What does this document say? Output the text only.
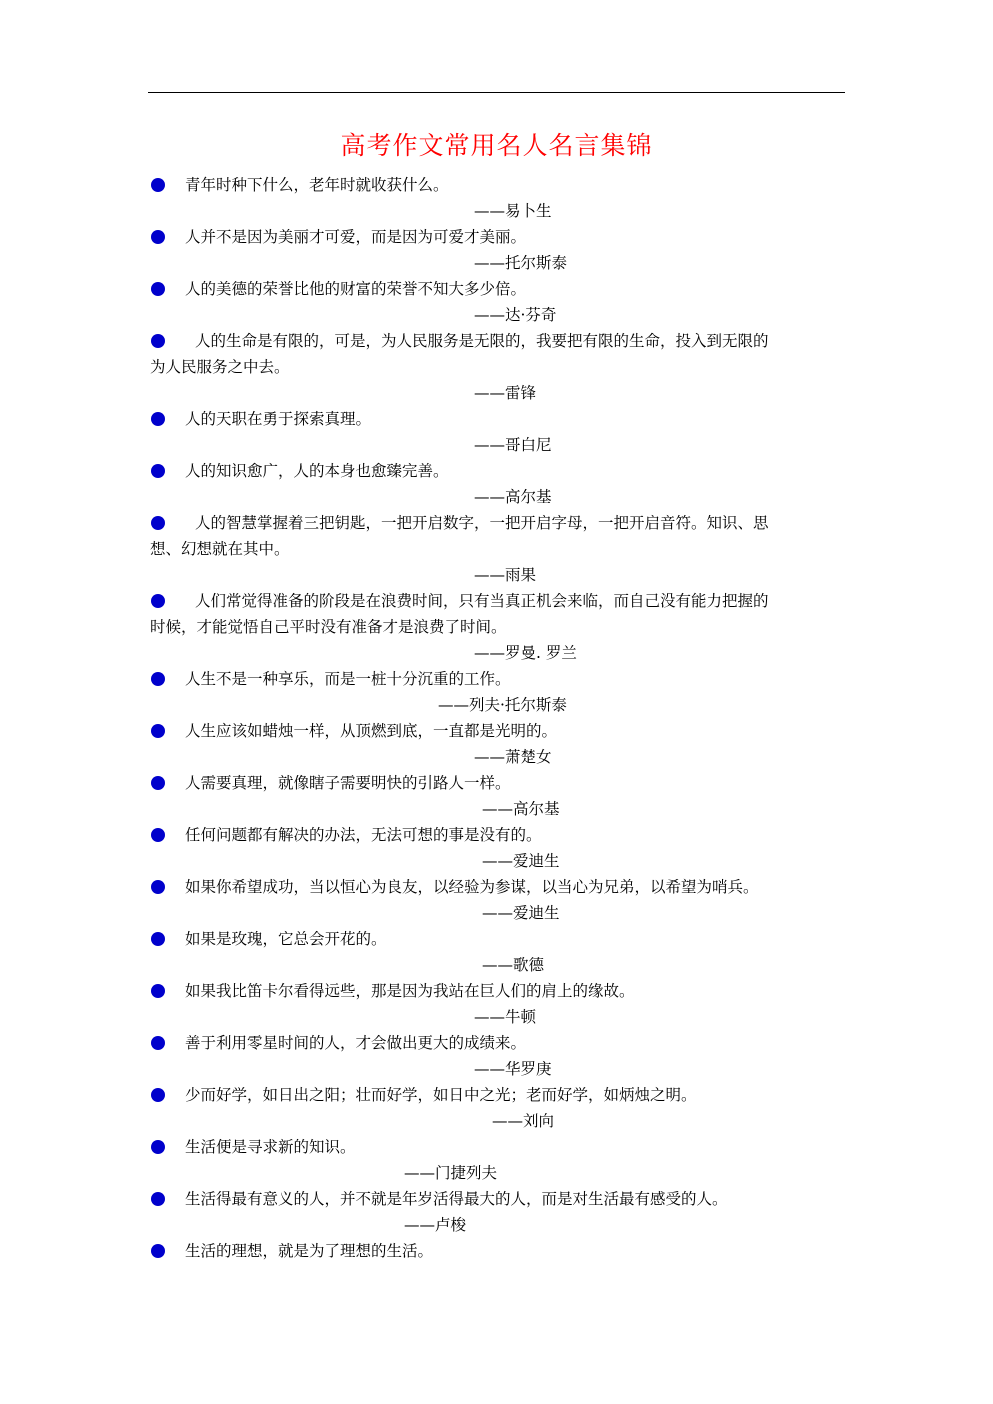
高考作文常用名人名言集锦
青年时种下什么，老年时就收获什么。
——易卜生
人并不是因为美丽才可爱，而是因为可爱才美丽。
——托尔斯泰
人的美德的荣誉比他的财富的荣誉不知大多少倍。
——达·芬奇
人的生命是有限的，可是，为人民服务是无限的，我要把有限的生命，投入到无限的
为人民服务之中去。
——雷锋
人的天职在勇于探索真理。
——哥白尼
人的知识愈广，人的本身也愈臻完善。
——高尔基
人的智慧掌握着三把钥匙，一把开启数字，一把开启字母，一把开启音符。知识、思
想、幻想就在其中。
——雨果
人们常觉得准备的阶段是在浪费时间，只有当真正机会来临，而自己没有能力把握的
时候，才能觉悟自己平时没有准备才是浪费了时间。
——罗曼. 罗兰
人生不是一种享乐，而是一桩十分沉重的工作。
——列夫·托尔斯泰
人生应该如蜡烛一样，从顶燃到底，一直都是光明的。
——萧楚女
人需要真理，就像瞎子需要明快的引路人一样。
——高尔基
任何问题都有解决的办法，无法可想的事是没有的。
——爱迪生
如果你希望成功，当以恒心为良友，以经验为参谋，以当心为兄弟，以希望为哨兵。
——爱迪生
如果是玫瑰，它总会开花的。
——歌德
如果我比笛卡尔看得远些，那是因为我站在巨人们的肩上的缘故。
——牛顿
善于利用零星时间的人，才会做出更大的成绩来。
——华罗庚
少而好学，如日出之阳；壮而好学，如日中之光；老而好学，如炳烛之明。
——刘向
生活便是寻求新的知识。
——门捷列夫
生活得最有意义的人，并不就是年岁活得最大的人，而是对生活最有感受的人。
——卢梭
生活的理想，就是为了理想的生活。
